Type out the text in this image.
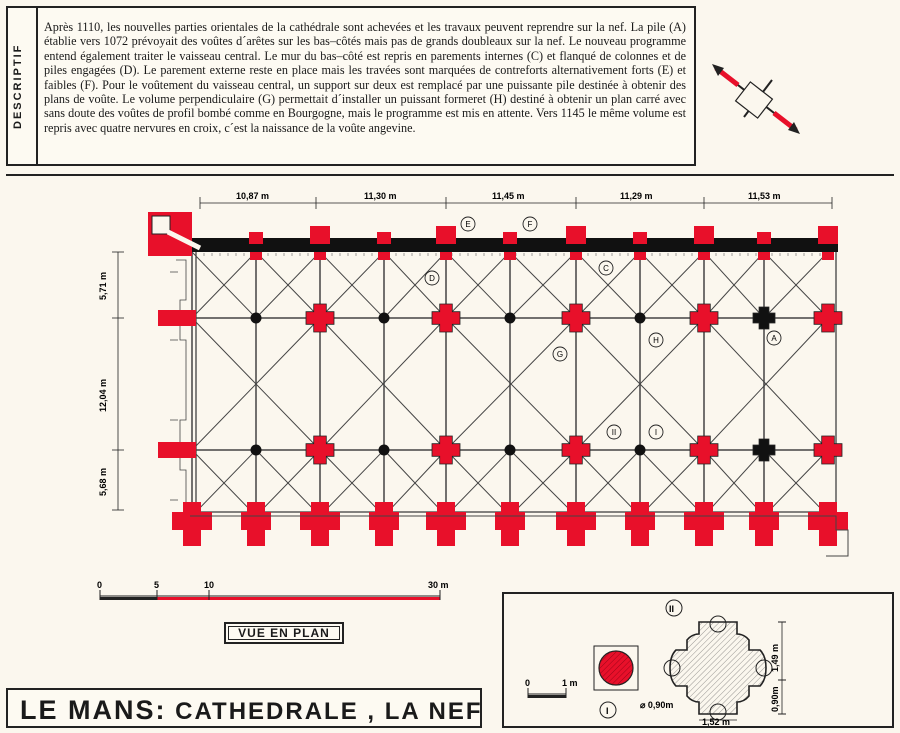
DESCRIPTIF

Après 1110, les nouvelles parties orientales de la cathédrale sont achevées et les travaux peuvent reprendre sur la nef. La pile (A) établie vers 1072 prévoyait des voûtes d´arêtes sur les bas–côtés mais pas de grands doubleaux sur la nef. Le nouveau programme entend également traiter le vaisseau central. Le mur du bas–côté est repris en parements internes (C) et flanqué de colonnes et de piles engagées (D). Le parement externe reste en place mais les travées sont marquées de contreforts alternativement forts (E) et faibles (F). Pour le voûtement du vaisseau central, un support sur deux est remplacé par une puissante pile destinée à obtenir des plans de voûte. Le volume perpendiculaire (G) permettait d´installer un puissant formeret (H) destiné à obtenir un plan carré avec sans doute des voûtes de profil bombé comme en Bourgogne, mais le programme est mis en attente. Vers 1145 le même volume est repris avec quatre nervures en croix, c´est la naissance de la voûte angevine.

10,87 m	11,30 m	11,45 m	11,29 m	11,53 m
5,71 m
12,04 m
5,68 m
E	F
D
C
G
H	A
II	I
0	5	10	30 m
VUE EN PLAN
LE MANS: CATHEDRALE , LA NEF
0	1 m
I
⌀ 0,90m
II
1,49 m
0,90m
1,52 m
